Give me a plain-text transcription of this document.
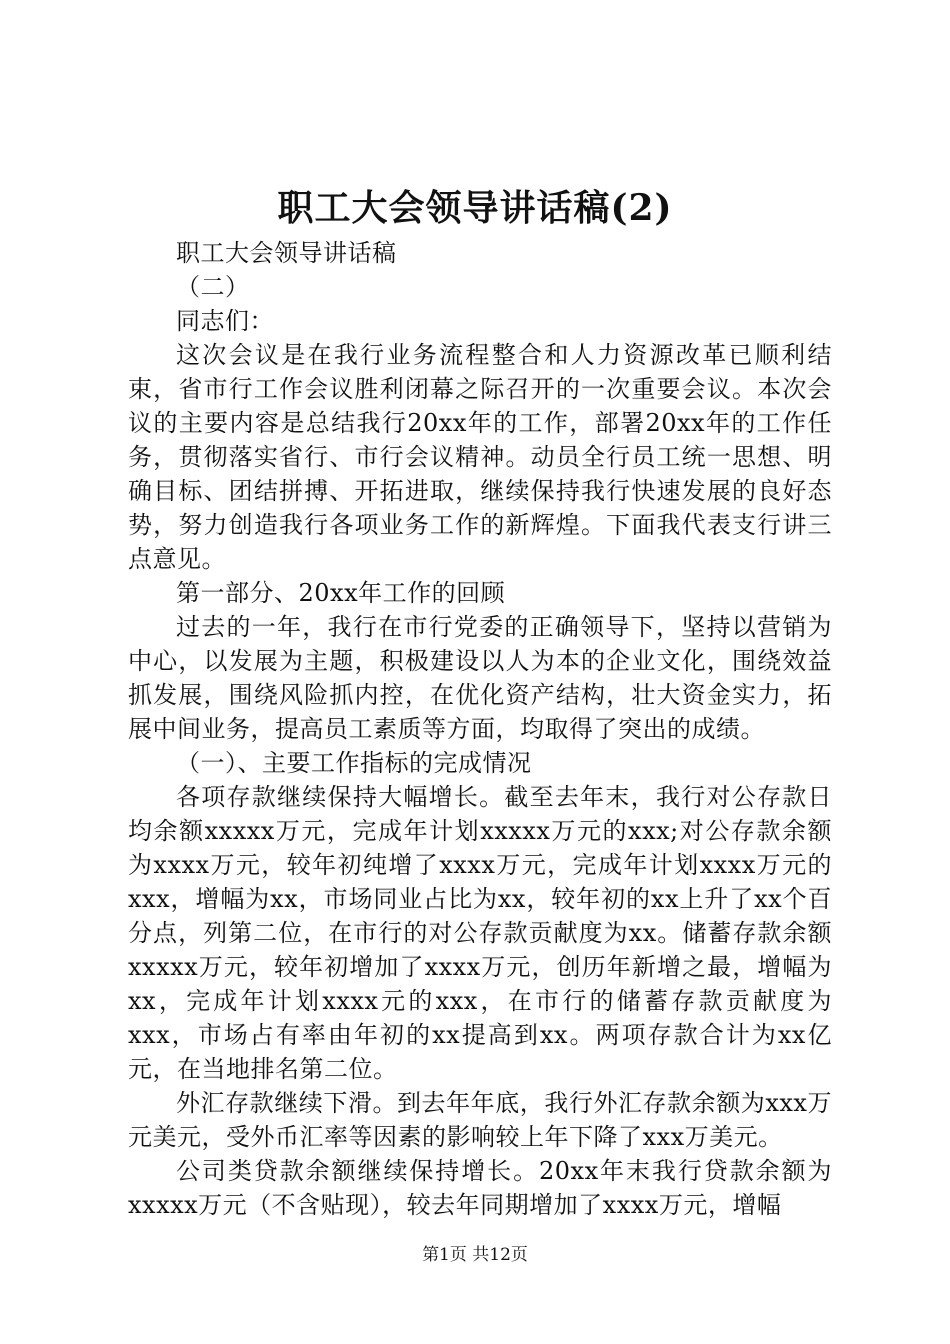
职工大会领导讲话稿(2)

职工大会领导讲话稿

（二）

同志们：

这次会议是在我行业务流程整合和人力资源改革已顺利结束，省市行工作会议胜利闭幕之际召开的一次重要会议。本次会议的主要内容是总结我行20xx年的工作，部署20xx年的工作任务，贯彻落实省行、市行会议精神。动员全行员工统一思想、明确目标、团结拼搏、开拓进取，继续保持我行快速发展的良好态势，努力创造我行各项业务工作的新辉煌。下面我代表支行讲三点意见。

第一部分、20xx年工作的回顾

过去的一年，我行在市行党委的正确领导下，坚持以营销为中心，以发展为主题，积极建设以人为本的企业文化，围绕效益抓发展，围绕风险抓内控，在优化资产结构，壮大资金实力，拓展中间业务，提高员工素质等方面，均取得了突出的成绩。

（一）、主要工作指标的完成情况

各项存款继续保持大幅增长。截至去年末，我行对公存款日均余额xxxxx万元，完成年计划xxxxx万元的xxx;对公存款余额为xxxx万元，较年初纯增了xxxx万元，完成年计划xxxx万元的xxx，增幅为xx，市场同业占比为xx，较年初的xx上升了xx个百分点，列第二位，在市行的对公存款贡献度为xx。储蓄存款余额xxxxx万元，较年初增加了xxxx万元，创历年新增之最，增幅为xx，完成年计划xxxx元的xxx，在市行的储蓄存款贡献度为xxx，市场占有率由年初的xx提高到xx。两项存款合计为xx亿元，在当地排名第二位。

外汇存款继续下滑。到去年年底，我行外汇存款余额为xxx万元美元，受外币汇率等因素的影响较上年下降了xxx万美元。

公司类贷款余额继续保持增长。20xx年末我行贷款余额为xxxxx万元（不含贴现），较去年同期增加了xxxx万元，增幅

第1页 共12页
